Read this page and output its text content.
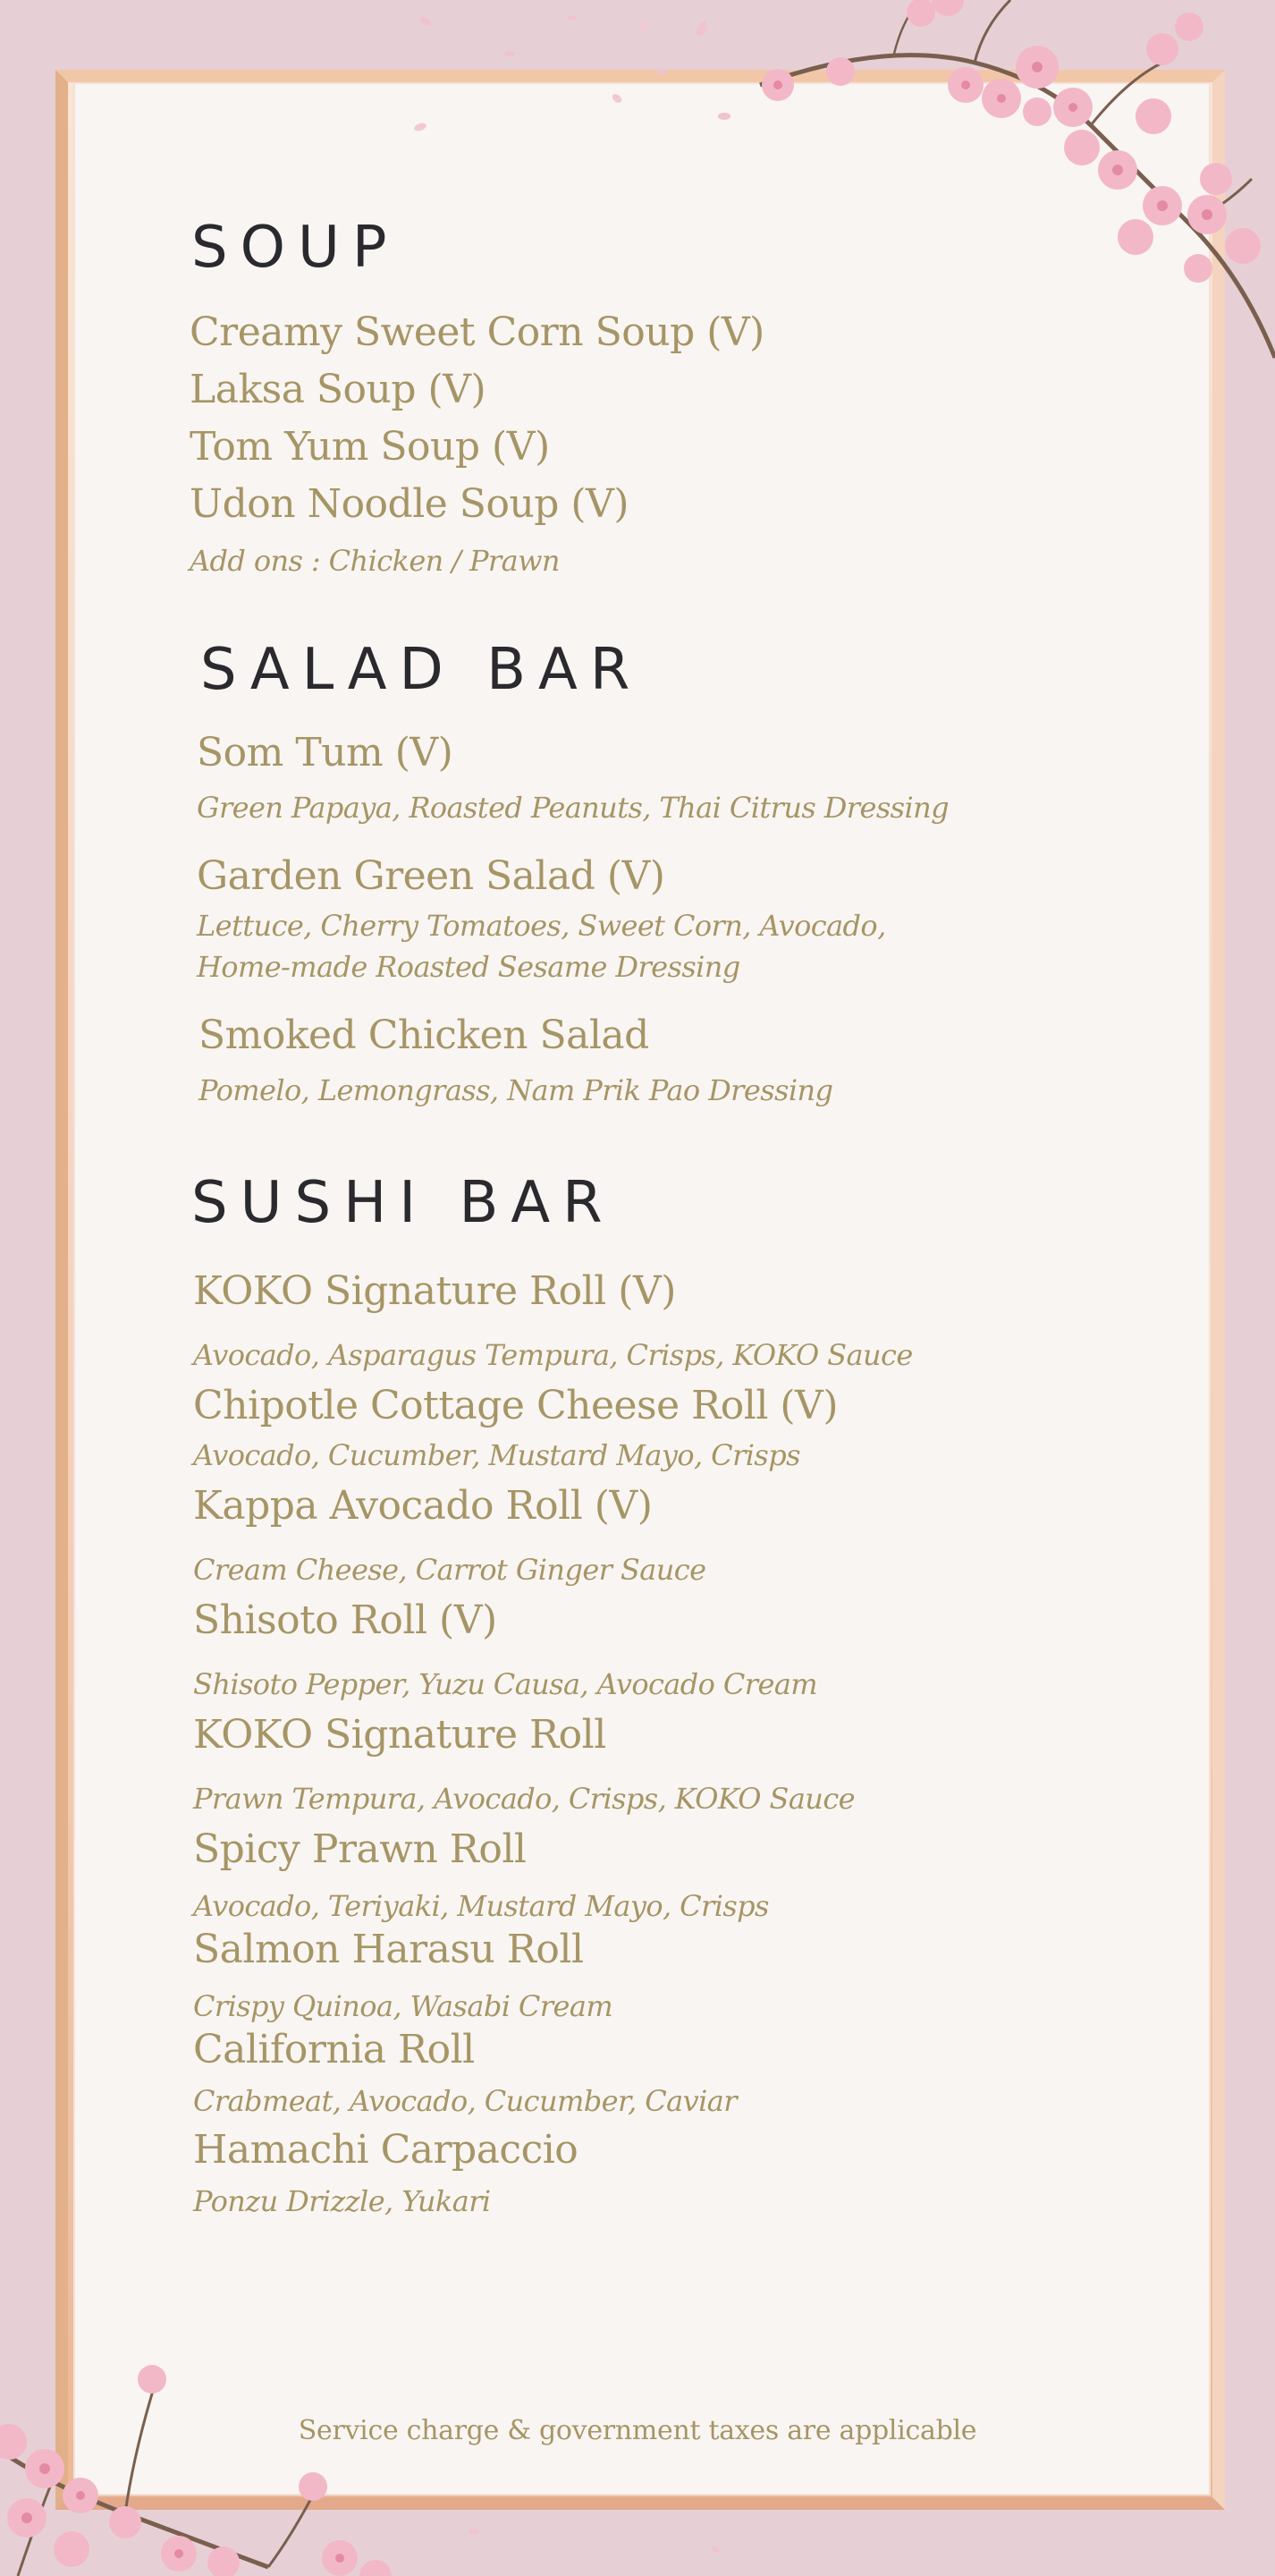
SOUP

Creamy Sweet Corn Soup (V)

Laksa Soup (V)

Tom Yum Soup (V)

Udon Noodle Soup (V)

Add ons : Chicken / Prawn

SALAD BAR

Som Tum (V)

Green Papaya, Roasted Peanuts, Thai Citrus Dressing

Garden Green Salad (V)

Lettuce, Cherry Tomatoes, Sweet Corn, Avocado,

Home-made Roasted Sesame Dressing

Smoked Chicken Salad

Pomelo, Lemongrass, Nam Prik Pao Dressing

SUSHI BAR

KOKO Signature Roll (V)

Avocado, Asparagus Tempura, Crisps, KOKO Sauce

Chipotle Cottage Cheese Roll (V)

Avocado, Cucumber, Mustard Mayo, Crisps

Kappa Avocado Roll (V)

Cream Cheese, Carrot Ginger Sauce

Shisoto Roll (V)

Shisoto Pepper, Yuzu Causa, Avocado Cream

KOKO Signature Roll

Prawn Tempura, Avocado, Crisps, KOKO Sauce

Spicy Prawn Roll

Avocado, Teriyaki, Mustard Mayo, Crisps

Salmon Harasu Roll

Crispy Quinoa, Wasabi Cream

California Roll

Crabmeat, Avocado, Cucumber, Caviar

Hamachi Carpaccio

Ponzu Drizzle, Yukari

Service charge & government taxes are applicable
